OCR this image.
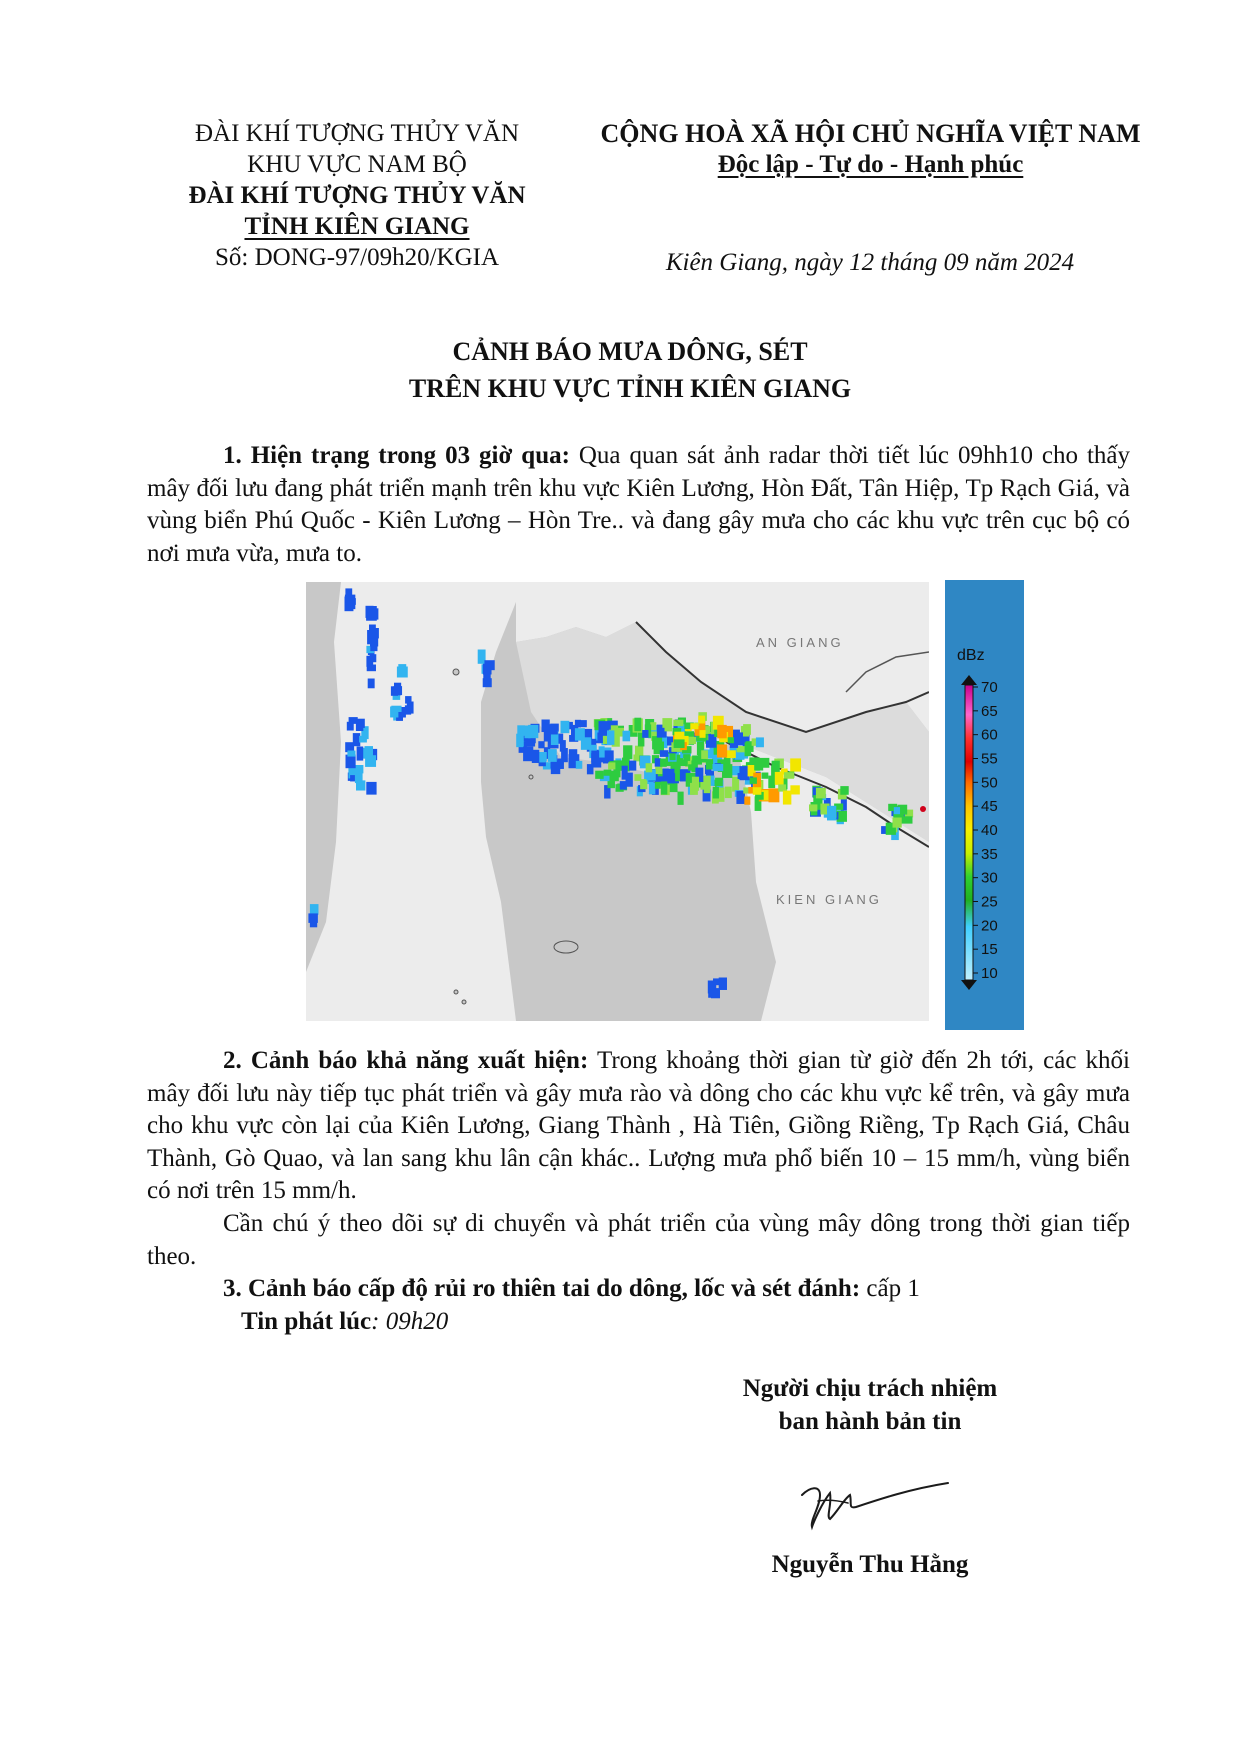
ĐÀI KHÍ TƯỢNG THỦY VĂN
KHU VỰC NAM BỘ
ĐÀI KHÍ TƯỢNG THỦY VĂN
TỈNH KIÊN GIANG
Số: DONG-97/09h20/KGIA
CỘNG HOÀ XÃ HỘI CHỦ NGHĨA VIỆT NAM
Độc lập - Tự do - Hạnh phúc
Kiên Giang, ngày 12 tháng 09 năm 2024
CẢNH BÁO MƯA DÔNG, SÉT
TRÊN KHU VỰC TỈNH KIÊN GIANG
1. Hiện trạng trong 03 giờ qua: Qua quan sát ảnh radar thời tiết lúc 09hh10 cho thấy mây đối lưu đang phát triển mạnh trên khu vực Kiên Lương, Hòn Đất, Tân Hiệp, Tp Rạch Giá, và vùng biển Phú Quốc - Kiên Lương – Hòn Tre.. và đang gây mưa cho các khu vực trên cục bộ có nơi mưa vừa, mưa to.
AN GIANG
KIEN GIANG
dBz
70
65
60
55
50
45
40
35
30
25
20
15
10
2. Cảnh báo khả năng xuất hiện: Trong khoảng thời gian từ giờ đến 2h tới, các khối mây đối lưu này tiếp tục phát triển và gây mưa rào và dông cho các khu vực kể trên, và gây mưa cho khu vực còn lại của Kiên Lương, Giang Thành , Hà Tiên, Giồng Riềng, Tp Rạch Giá, Châu Thành, Gò Quao, và lan sang khu lân cận khác.. Lượng mưa phổ biến 10 – 15 mm/h, vùng biển có nơi trên 15 mm/h.
Cần chú ý theo dõi sự di chuyển và phát triển của vùng mây dông trong thời gian tiếp theo.
3. Cảnh báo cấp độ rủi ro thiên tai do dông, lốc và sét đánh: cấp 1
Tin phát lúc: 09h20
Người chịu trách nhiệm
ban hành bản tin
Nguyễn Thu Hằng
